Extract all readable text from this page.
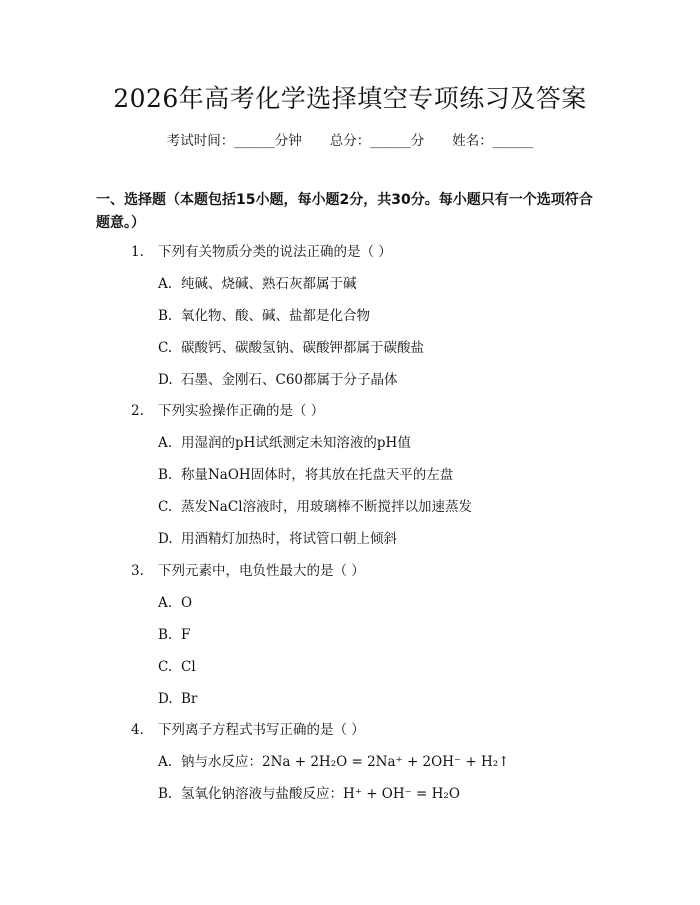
2026年高考化学选择填空专项练习及答案
考试时间：______分钟 总分：______分 姓名：______
一、选择题（本题包括15小题，每小题2分，共30分。每小题只有一个选项符合题意。）
1. 下列有关物质分类的说法正确的是（ ）
A. 纯碱、烧碱、熟石灰都属于碱
B. 氧化物、酸、碱、盐都是化合物
C. 碳酸钙、碳酸氢钠、碳酸钾都属于碳酸盐
D. 石墨、金刚石、C60都属于分子晶体
2. 下列实验操作正确的是（ ）
A. 用湿润的pH试纸测定未知溶液的pH值
B. 称量NaOH固体时，将其放在托盘天平的左盘
C. 蒸发NaCl溶液时，用玻璃棒不断搅拌以加速蒸发
D. 用酒精灯加热时，将试管口朝上倾斜
3. 下列元素中，电负性最大的是（ ）
A. O
B. F
C. Cl
D. Br
4. 下列离子方程式书写正确的是（ ）
A. 钠与水反应：2Na + 2H₂O = 2Na⁺ + 2OH⁻ + H₂↑
B. 氢氧化钠溶液与盐酸反应：H⁺ + OH⁻ = H₂O
